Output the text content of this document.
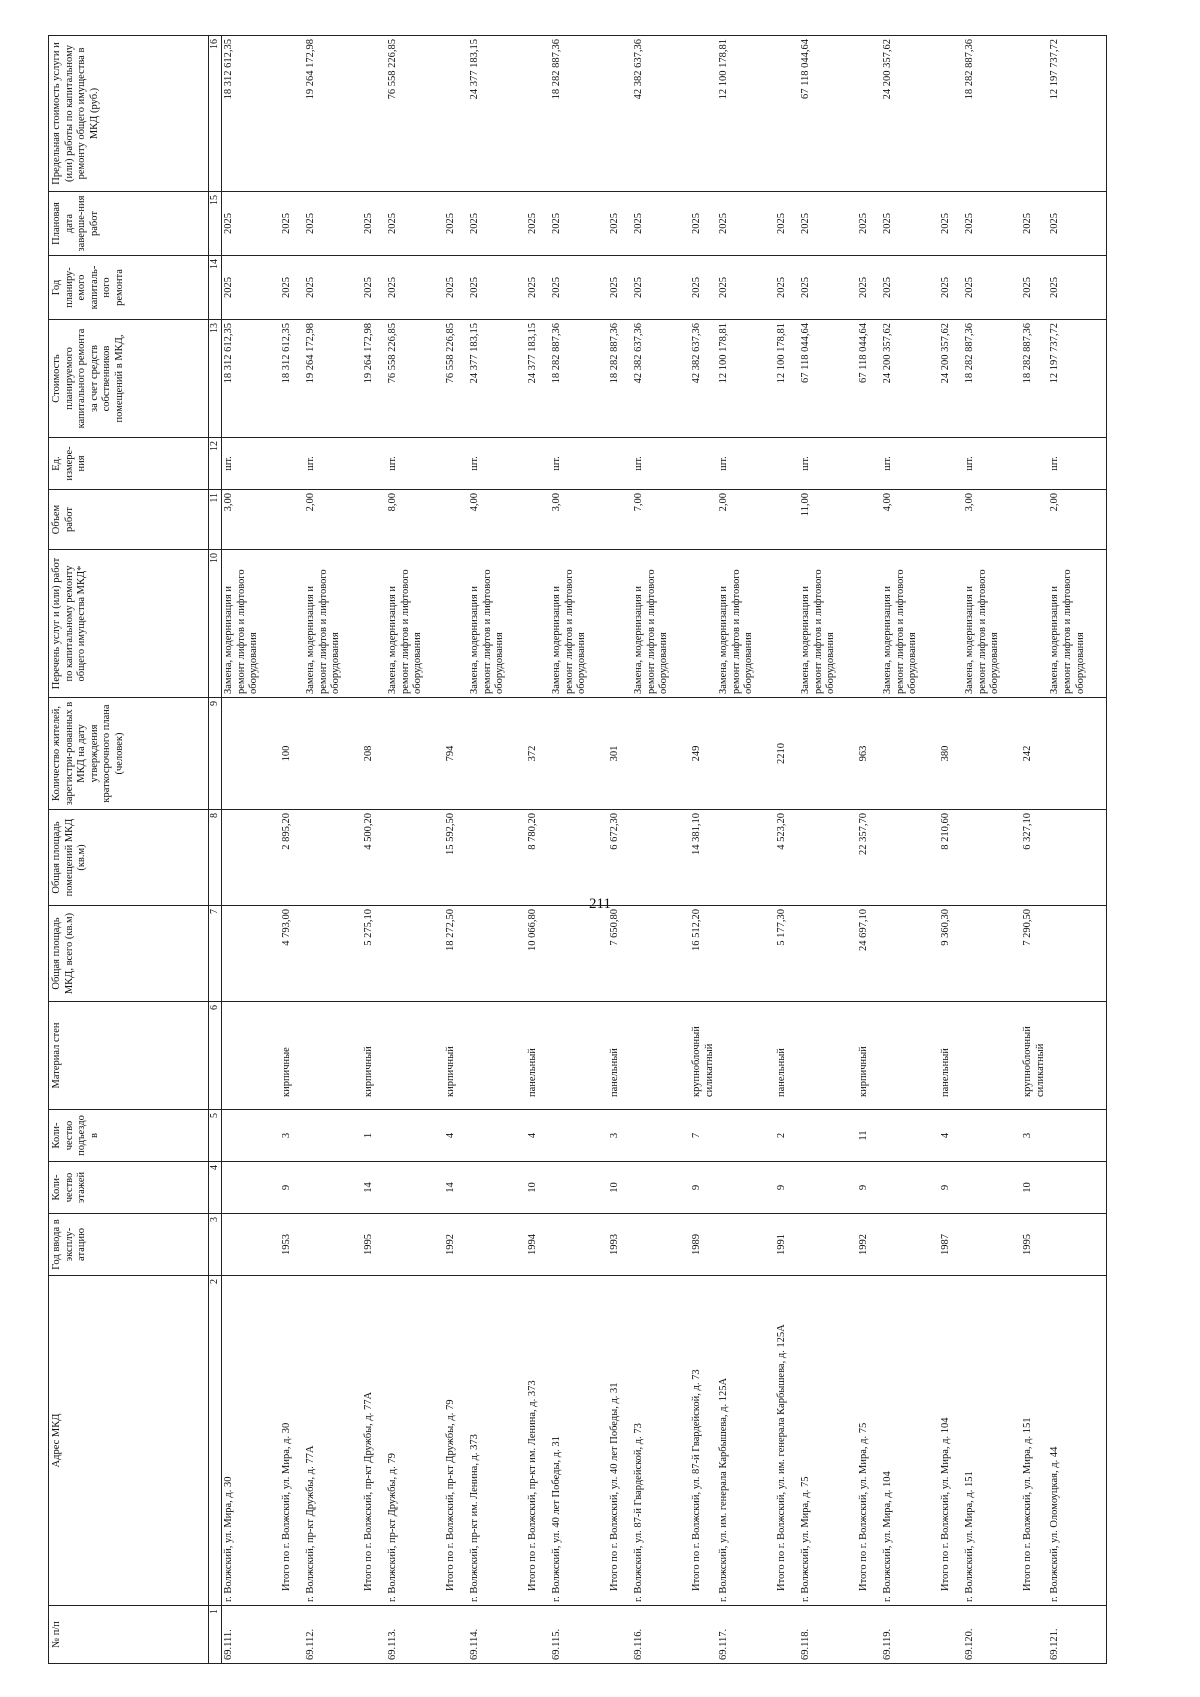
211
№ п/п	Адрес МКД	Год ввода в эксплу-атацию	Коли-чество этажей	Коли-чество подъездо в	Материал стен	Общая площадь МКД, всего (кв.м)	Общая площадь помещений МКД (кв.м)	Количество жителей, зарегистри-рованных в МКД на дату утверждения краткосрочного плана (человек)	Перечень услуг и (или) работ по капитальному ремонту общего имущества МКД*	Объем работ	Ед. измере-ния	Стоимость планируемого капитального ремонта за счет средств собственников помещений в МКД,	Год планиру-емого капиталь-ного ремонта	Плановая дата заверше-ния работ	Предельная стоимость услуги и (или) работы по капитальному ремонту общего имущества в МКД (руб.)
1	2	3	4	5	6	7	8	9	10	11	12	13	14	15	16
69.111.	г. Волжский, ул. Мира, д. 30								Замена, модернизация и ремонт лифтов и лифтового оборудования	3,00	шт.	18 312 612,35	2025	2025	18 312 612,35
	Итого по г. Волжский, ул. Мира, д. 30	1953	9	3	кирпичные	4 793,00	2 895,20	100				18 312 612,35	2025	2025	
69.112.	г. Волжский, пр-кт Дружбы, д. 77А								Замена, модернизация и ремонт лифтов и лифтового оборудования	2,00	шт.	19 264 172,98	2025	2025	19 264 172,98
	Итого по г. Волжский, пр-кт Дружбы, д. 77А	1995	14	1	кирпичный	5 275,10	4 500,20	208				19 264 172,98	2025	2025	
69.113.	г. Волжский, пр-кт Дружбы, д. 79								Замена, модернизация и ремонт лифтов и лифтового оборудования	8,00	шт.	76 558 226,85	2025	2025	76 558 226,85
	Итого по г. Волжский, пр-кт Дружбы, д. 79	1992	14	4	кирпичный	18 272,50	15 592,50	794				76 558 226,85	2025	2025	
69.114.	г. Волжский, пр-кт им. Ленина, д. 373								Замена, модернизация и ремонт лифтов и лифтового оборудования	4,00	шт.	24 377 183,15	2025	2025	24 377 183,15
	Итого по г. Волжский, пр-кт им. Ленина, д. 373	1994	10	4	панельный	10 066,80	8 780,20	372				24 377 183,15	2025	2025	
69.115.	г. Волжский, ул. 40 лет Победы, д. 31								Замена, модернизация и ремонт лифтов и лифтового оборудования	3,00	шт.	18 282 887,36	2025	2025	18 282 887,36
	Итого по г. Волжский, ул. 40 лет Победы, д. 31	1993	10	3	панельный	7 650,80	6 672,30	301				18 282 887,36	2025	2025	
69.116.	г. Волжский, ул. 87-й Гвардейской, д. 73								Замена, модернизация и ремонт лифтов и лифтового оборудования	7,00	шт.	42 382 637,36	2025	2025	42 382 637,36
	Итого по г. Волжский, ул. 87-й Гвардейской, д. 73	1989	9	7	крупноблочный силикатный	16 512,20	14 381,10	249				42 382 637,36	2025	2025	
69.117.	г. Волжский, ул. им. генерала Карбышева, д. 125А								Замена, модернизация и ремонт лифтов и лифтового оборудования	2,00	шт.	12 100 178,81	2025	2025	12 100 178,81
	Итого по г. Волжский, ул. им. генерала Карбышева, д. 125А	1991	9	2	панельный	5 177,30	4 523,20	2210				12 100 178,81	2025	2025	
69.118.	г. Волжский, ул. Мира, д. 75								Замена, модернизация и ремонт лифтов и лифтового оборудования	11,00	шт.	67 118 044,64	2025	2025	67 118 044,64
	Итого по г. Волжский, ул. Мира, д. 75	1992	9	11	кирпичный	24 697,10	22 357,70	963				67 118 044,64	2025	2025	
69.119.	г. Волжский, ул. Мира, д. 104								Замена, модернизация и ремонт лифтов и лифтового оборудования	4,00	шт.	24 200 357,62	2025	2025	24 200 357,62
	Итого по г. Волжский, ул. Мира, д. 104	1987	9	4	панельный	9 360,30	8 210,60	380				24 200 357,62	2025	2025	
69.120.	г. Волжский, ул. Мира, д. 151								Замена, модернизация и ремонт лифтов и лифтового оборудования	3,00	шт.	18 282 887,36	2025	2025	18 282 887,36
	Итого по г. Волжский, ул. Мира, д. 151	1995	10	3	крупноблочный силикатный	7 290,50	6 327,10	242				18 282 887,36	2025	2025	
69.121.	г. Волжский, ул. Оломоуцкая, д. 44								Замена, модернизация и ремонт лифтов и лифтового оборудования	2,00	шт.	12 197 737,72	2025	2025	12 197 737,72
